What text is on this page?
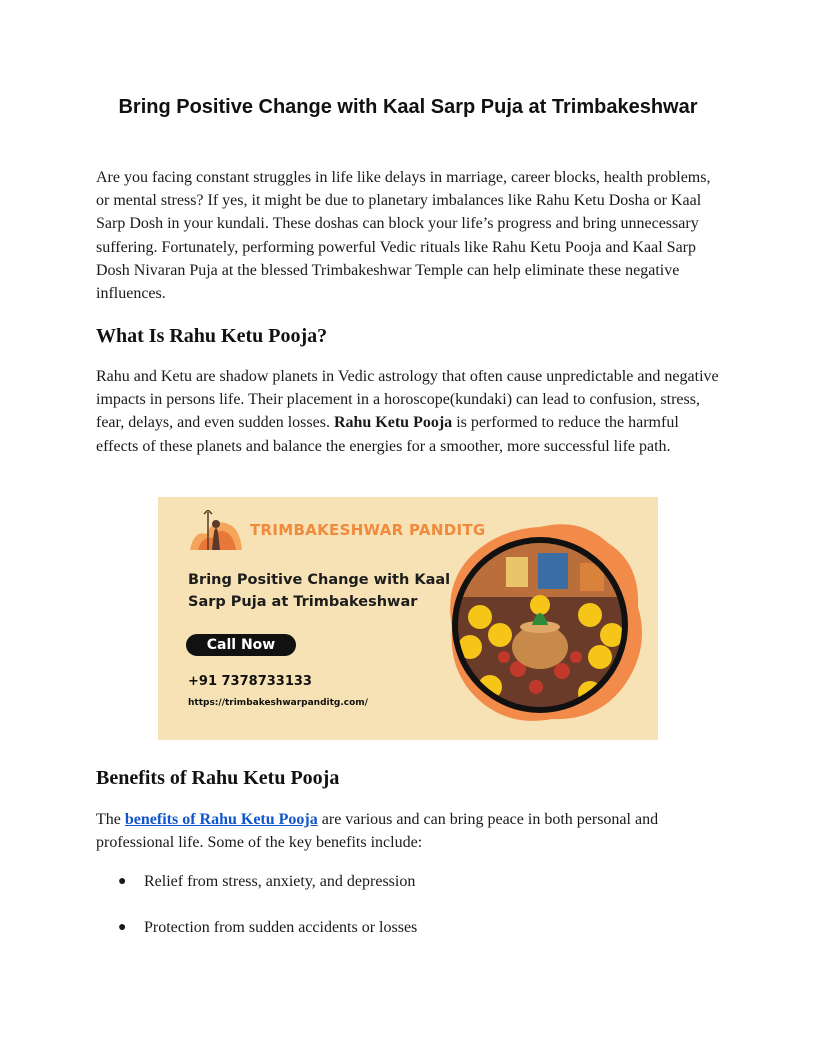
Bring Positive Change with Kaal Sarp Puja at Trimbakeshwar

Are you facing constant struggles in life like delays in marriage, career blocks, health problems, or mental stress? If yes, it might be due to planetary imbalances like Rahu Ketu Dosha or Kaal Sarp Dosh in your kundali. These doshas can block your life’s progress and bring unnecessary suffering. Fortunately, performing powerful Vedic rituals like Rahu Ketu Pooja and Kaal Sarp Dosh Nivaran Puja at the blessed Trimbakeshwar Temple can help eliminate these negative influences.

What Is Rahu Ketu Pooja?

Rahu and Ketu are shadow planets in Vedic astrology that often cause unpredictable and negative impacts in persons life. Their placement in a horoscope(kundaki) can lead to confusion, stress, fear, delays, and even sudden losses. Rahu Ketu Pooja is performed to reduce the harmful effects of these planets and balance the energies for a smoother, more successful life path.

TRIMBAKESHWAR PANDITG
Bring Positive Change with Kaal Sarp Puja at Trimbakeshwar
Call Now
+91 7378733133
https://trimbakeshwarpanditg.com/
Benefits of Rahu Ketu Pooja

The benefits of Rahu Ketu Pooja are various and can bring peace in both personal and professional life. Some of the key benefits include:

● Relief from stress, anxiety, and depression
● Protection from sudden accidents or losses
